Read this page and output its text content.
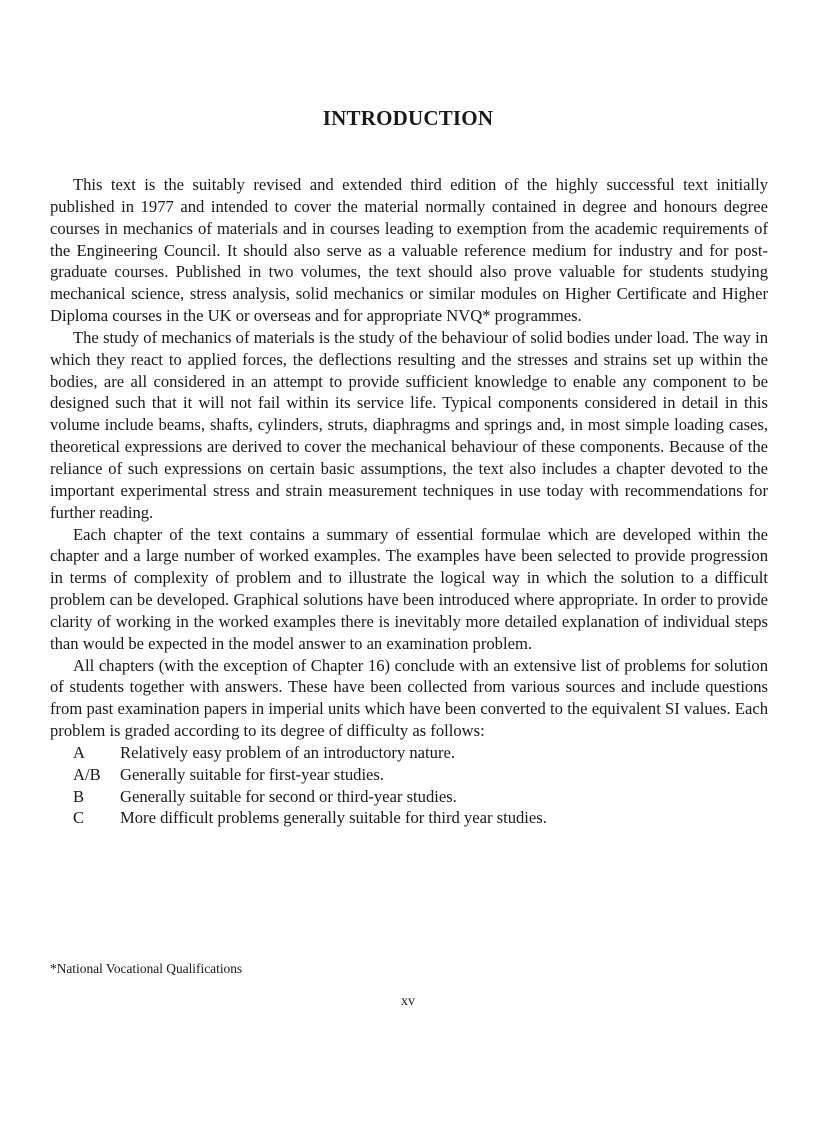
INTRODUCTION

This text is the suitably revised and extended third edition of the highly successful text initially published in 1977 and intended to cover the material normally contained in degree and honours degree courses in mechanics of materials and in courses leading to exemption from the academic requirements of the Engineering Council. It should also serve as a valuable reference medium for industry and for post-graduate courses. Published in two volumes, the text should also prove valuable for students studying mechanical science, stress analysis, solid mechanics or similar modules on Higher Certificate and Higher Diploma courses in the UK or overseas and for appropriate NVQ* programmes.

The study of mechanics of materials is the study of the behaviour of solid bodies under load. The way in which they react to applied forces, the deflections resulting and the stresses and strains set up within the bodies, are all considered in an attempt to provide sufficient knowledge to enable any component to be designed such that it will not fail within its service life. Typical components considered in detail in this volume include beams, shafts, cylinders, struts, diaphragms and springs and, in most simple loading cases, theoretical expressions are derived to cover the mechanical behaviour of these components. Because of the reliance of such expressions on certain basic assumptions, the text also includes a chapter devoted to the important experimental stress and strain measurement techniques in use today with recommendations for further reading.

Each chapter of the text contains a summary of essential formulae which are developed within the chapter and a large number of worked examples. The examples have been selected to provide progression in terms of complexity of problem and to illustrate the logical way in which the solution to a difficult problem can be developed. Graphical solutions have been introduced where appropriate. In order to provide clarity of working in the worked examples there is inevitably more detailed explanation of individual steps than would be expected in the model answer to an examination problem.

All chapters (with the exception of Chapter 16) conclude with an extensive list of problems for solution of students together with answers. These have been collected from various sources and include questions from past examination papers in imperial units which have been converted to the equivalent SI values. Each problem is graded according to its degree of difficulty as follows:

A	Relatively easy problem of an introductory nature.
A/B	Generally suitable for first-year studies.
B	Generally suitable for second or third-year studies.
C	More difficult problems generally suitable for third year studies.

*National Vocational Qualifications

xv
